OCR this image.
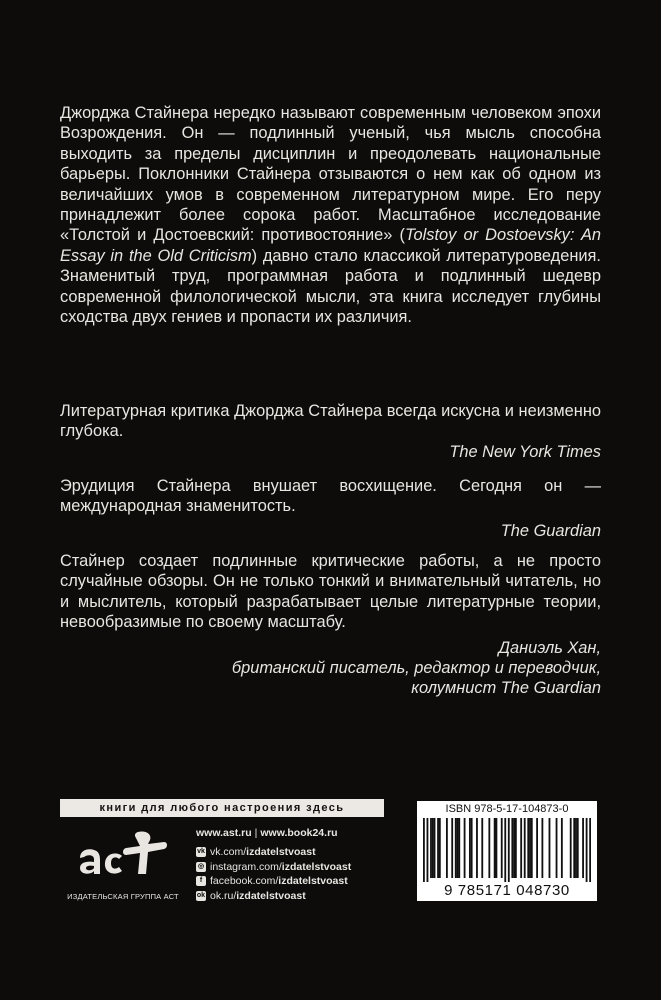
Джорджа Стайнера нередко называют современным человеком эпохи Возрождения. Он — подлинный ученый, чья мысль способна выходить за пределы дисциплин и преодолевать национальные барьеры. Поклонники Стайнера отзываются о нем как об одном из величайших умов в современном литературном мире. Его перу принадлежит более сорока работ. Масштабное исследование «Толстой и Достоевский: противостояние» (Tolstoy or Dostoevsky: An Essay in the Old Criticism) давно стало классикой литературоведения. Знаменитый труд, программная работа и подлинный шедевр современной филологической мысли, эта книга исследует глубины сходства двух гениев и пропасти их различия.

Литературная критика Джорджа Стайнера всегда искусна и неизменно глубока.

The New York Times

Эрудиция Стайнера внушает восхищение. Сегодня он — международная знаменитость.

The Guardian

Стайнер создает подлинные критические работы, а не просто случайные обзоры. Он не только тонкий и внимательный читатель, но и мыслитель, который разрабатывает целые литературные теории, невообразимые по своему масштабу.

Даниэль Хан,

британский писатель, редактор и переводчик,

колумнист The Guardian

книги для любого настроения здесь
ИЗДАТЕЛЬСКАЯ ГРУППА АСТ
www.ast.ru | www.book24.ru
vk vk.com/ izdatelstvoast
◎ instagram.com/ izdatelstvoast
f facebook.com/ izdatelstvoast
ok ok.ru/ izdatelstvoast
ISBN 978-5-17-104873-0
9 785171 048730
